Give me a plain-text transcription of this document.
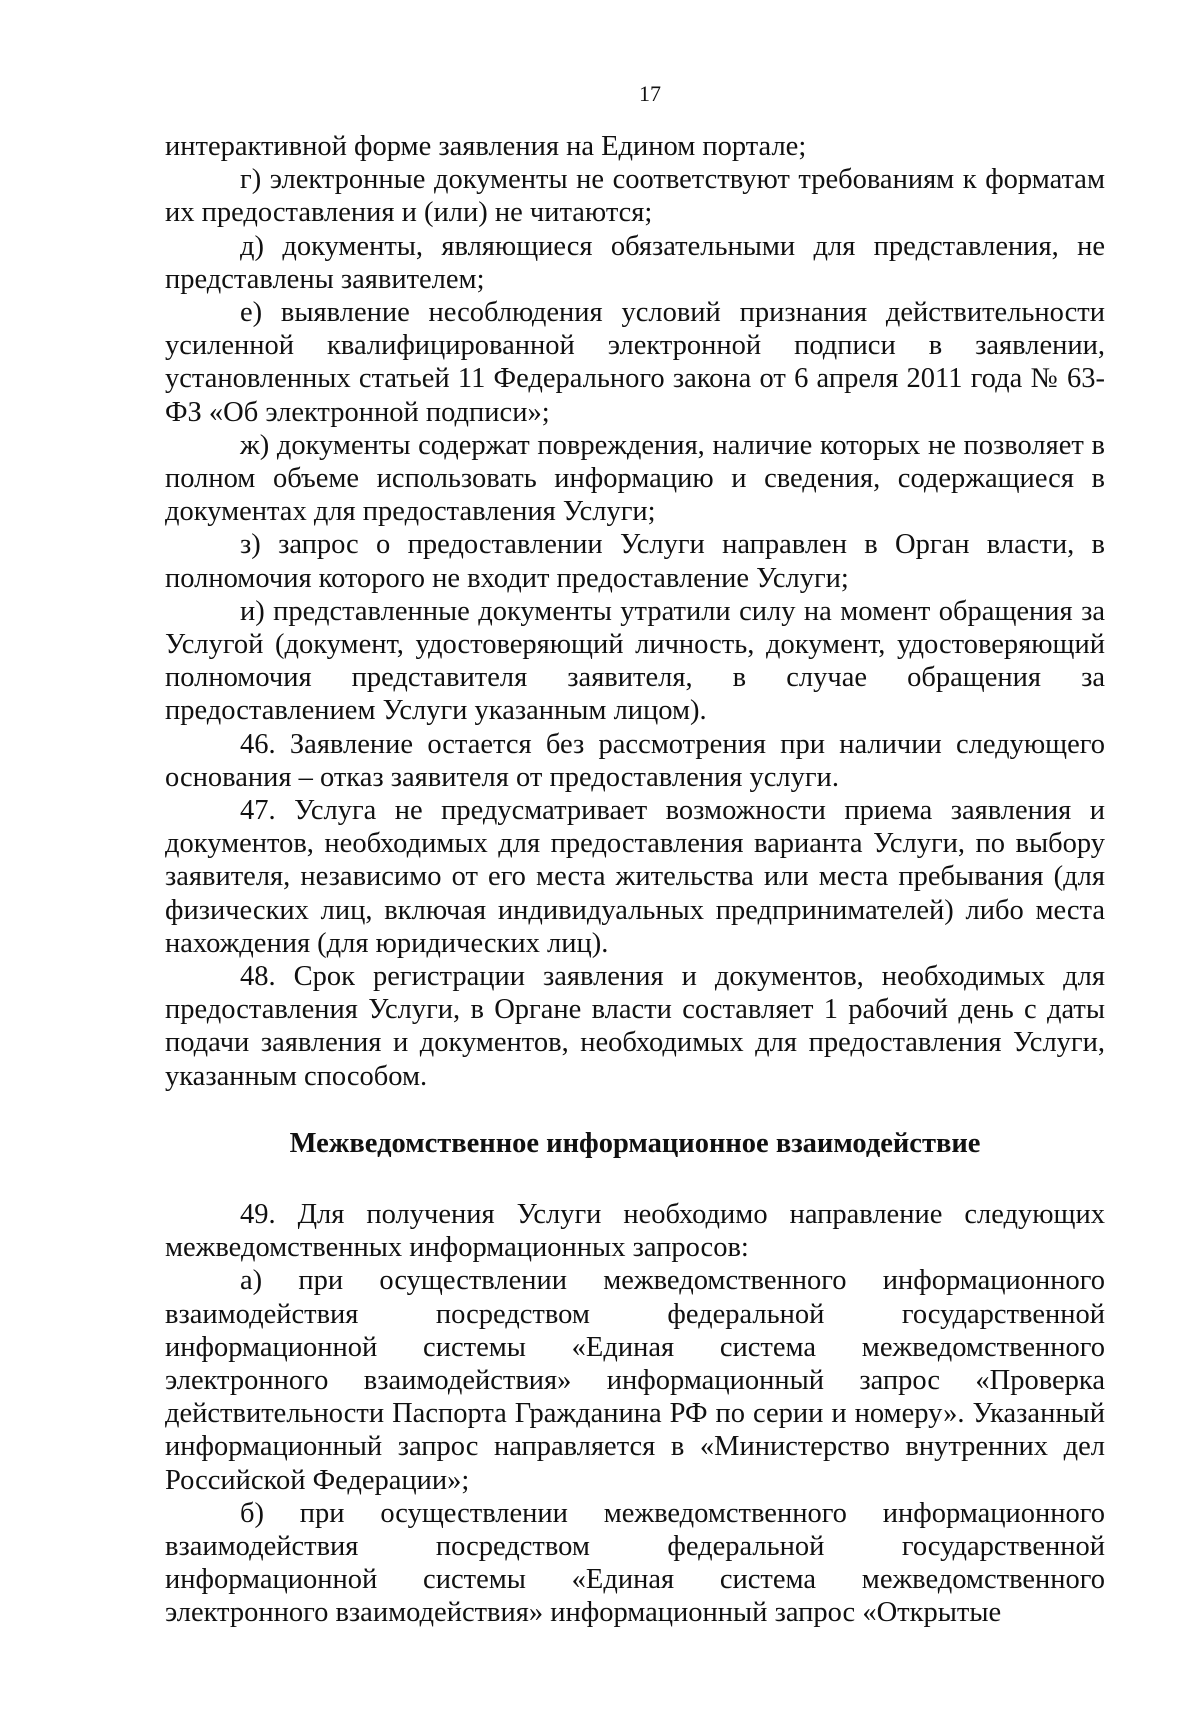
17

интерактивной форме заявления на Едином портале;

г) электронные документы не соответствуют требованиям к форматам их предоставления и (или) не читаются;

д) документы, являющиеся обязательными для представления, не представлены заявителем;

е) выявление несоблюдения условий признания действительности усиленной квалифицированной электронной подписи в заявлении, установленных статьей 11 Федерального закона от 6 апреля 2011 года № 63-ФЗ «Об электронной подписи»;

ж) документы содержат повреждения, наличие которых не позволяет в полном объеме использовать информацию и сведения, содержащиеся в документах для предоставления Услуги;

з) запрос о предоставлении Услуги направлен в Орган власти, в полномочия которого не входит предоставление Услуги;

и) представленные документы утратили силу на момент обращения за Услугой (документ, удостоверяющий личность, документ, удостоверяющий полномочия представителя заявителя, в случае обращения за предоставлением Услуги указанным лицом).

46. Заявление остается без рассмотрения при наличии следующего основания – отказ заявителя от предоставления услуги.

47. Услуга не предусматривает возможности приема заявления и документов, необходимых для предоставления варианта Услуги, по выбору заявителя, независимо от его места жительства или места пребывания (для физических лиц, включая индивидуальных предпринимателей) либо места нахождения (для юридических лиц).

48. Срок регистрации заявления и документов, необходимых для предоставления Услуги, в Органе власти составляет 1 рабочий день с даты подачи заявления и документов, необходимых для предоставления Услуги, указанным способом.

Межведомственное информационное взаимодействие

49. Для получения Услуги необходимо направление следующих межведомственных информационных запросов:

а) при осуществлении межведомственного информационного взаимодействия посредством федеральной государственной информационной системы «Единая система межведомственного электронного взаимодействия» информационный запрос «Проверка действительности Паспорта Гражданина РФ по серии и номеру». Указанный информационный запрос направляется в «Министерство внутренних дел Российской Федерации»;

б) при осуществлении межведомственного информационного взаимодействия посредством федеральной государственной информационной системы «Единая система межведомственного электронного взаимодействия» информационный запрос «Открытые
